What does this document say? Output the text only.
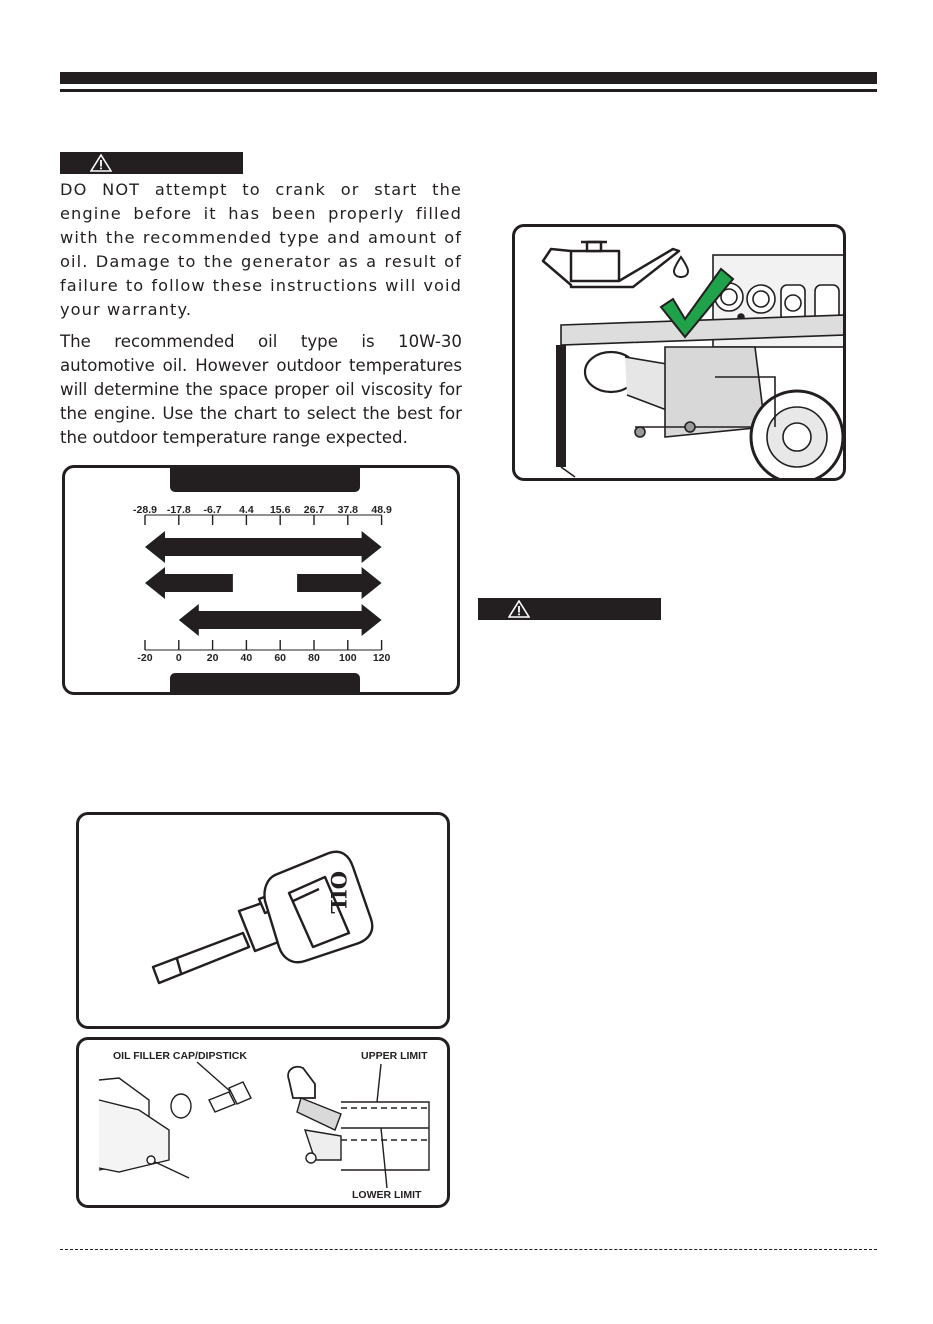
DO NOT attempt to crank or start the engine before it has been properly filled with the recommended type and amount of oil. Damage to the generator as a result of failure to follow these instructions will void your warranty.
The recommended oil type is 10W-30 automotive oil. However outdoor temperatures will determine the space proper oil viscosity for the engine. Use the chart to select the best for the outdoor temperature range expected.
-28.9 -17.8 -6.7 4.4 15.6 26.7 37.8 48.9
-20 0 20 40 60 80 100 120
OIL
OIL FILLER CAP/DIPSTICK	UPPER LIMIT
LOWER LIMIT
